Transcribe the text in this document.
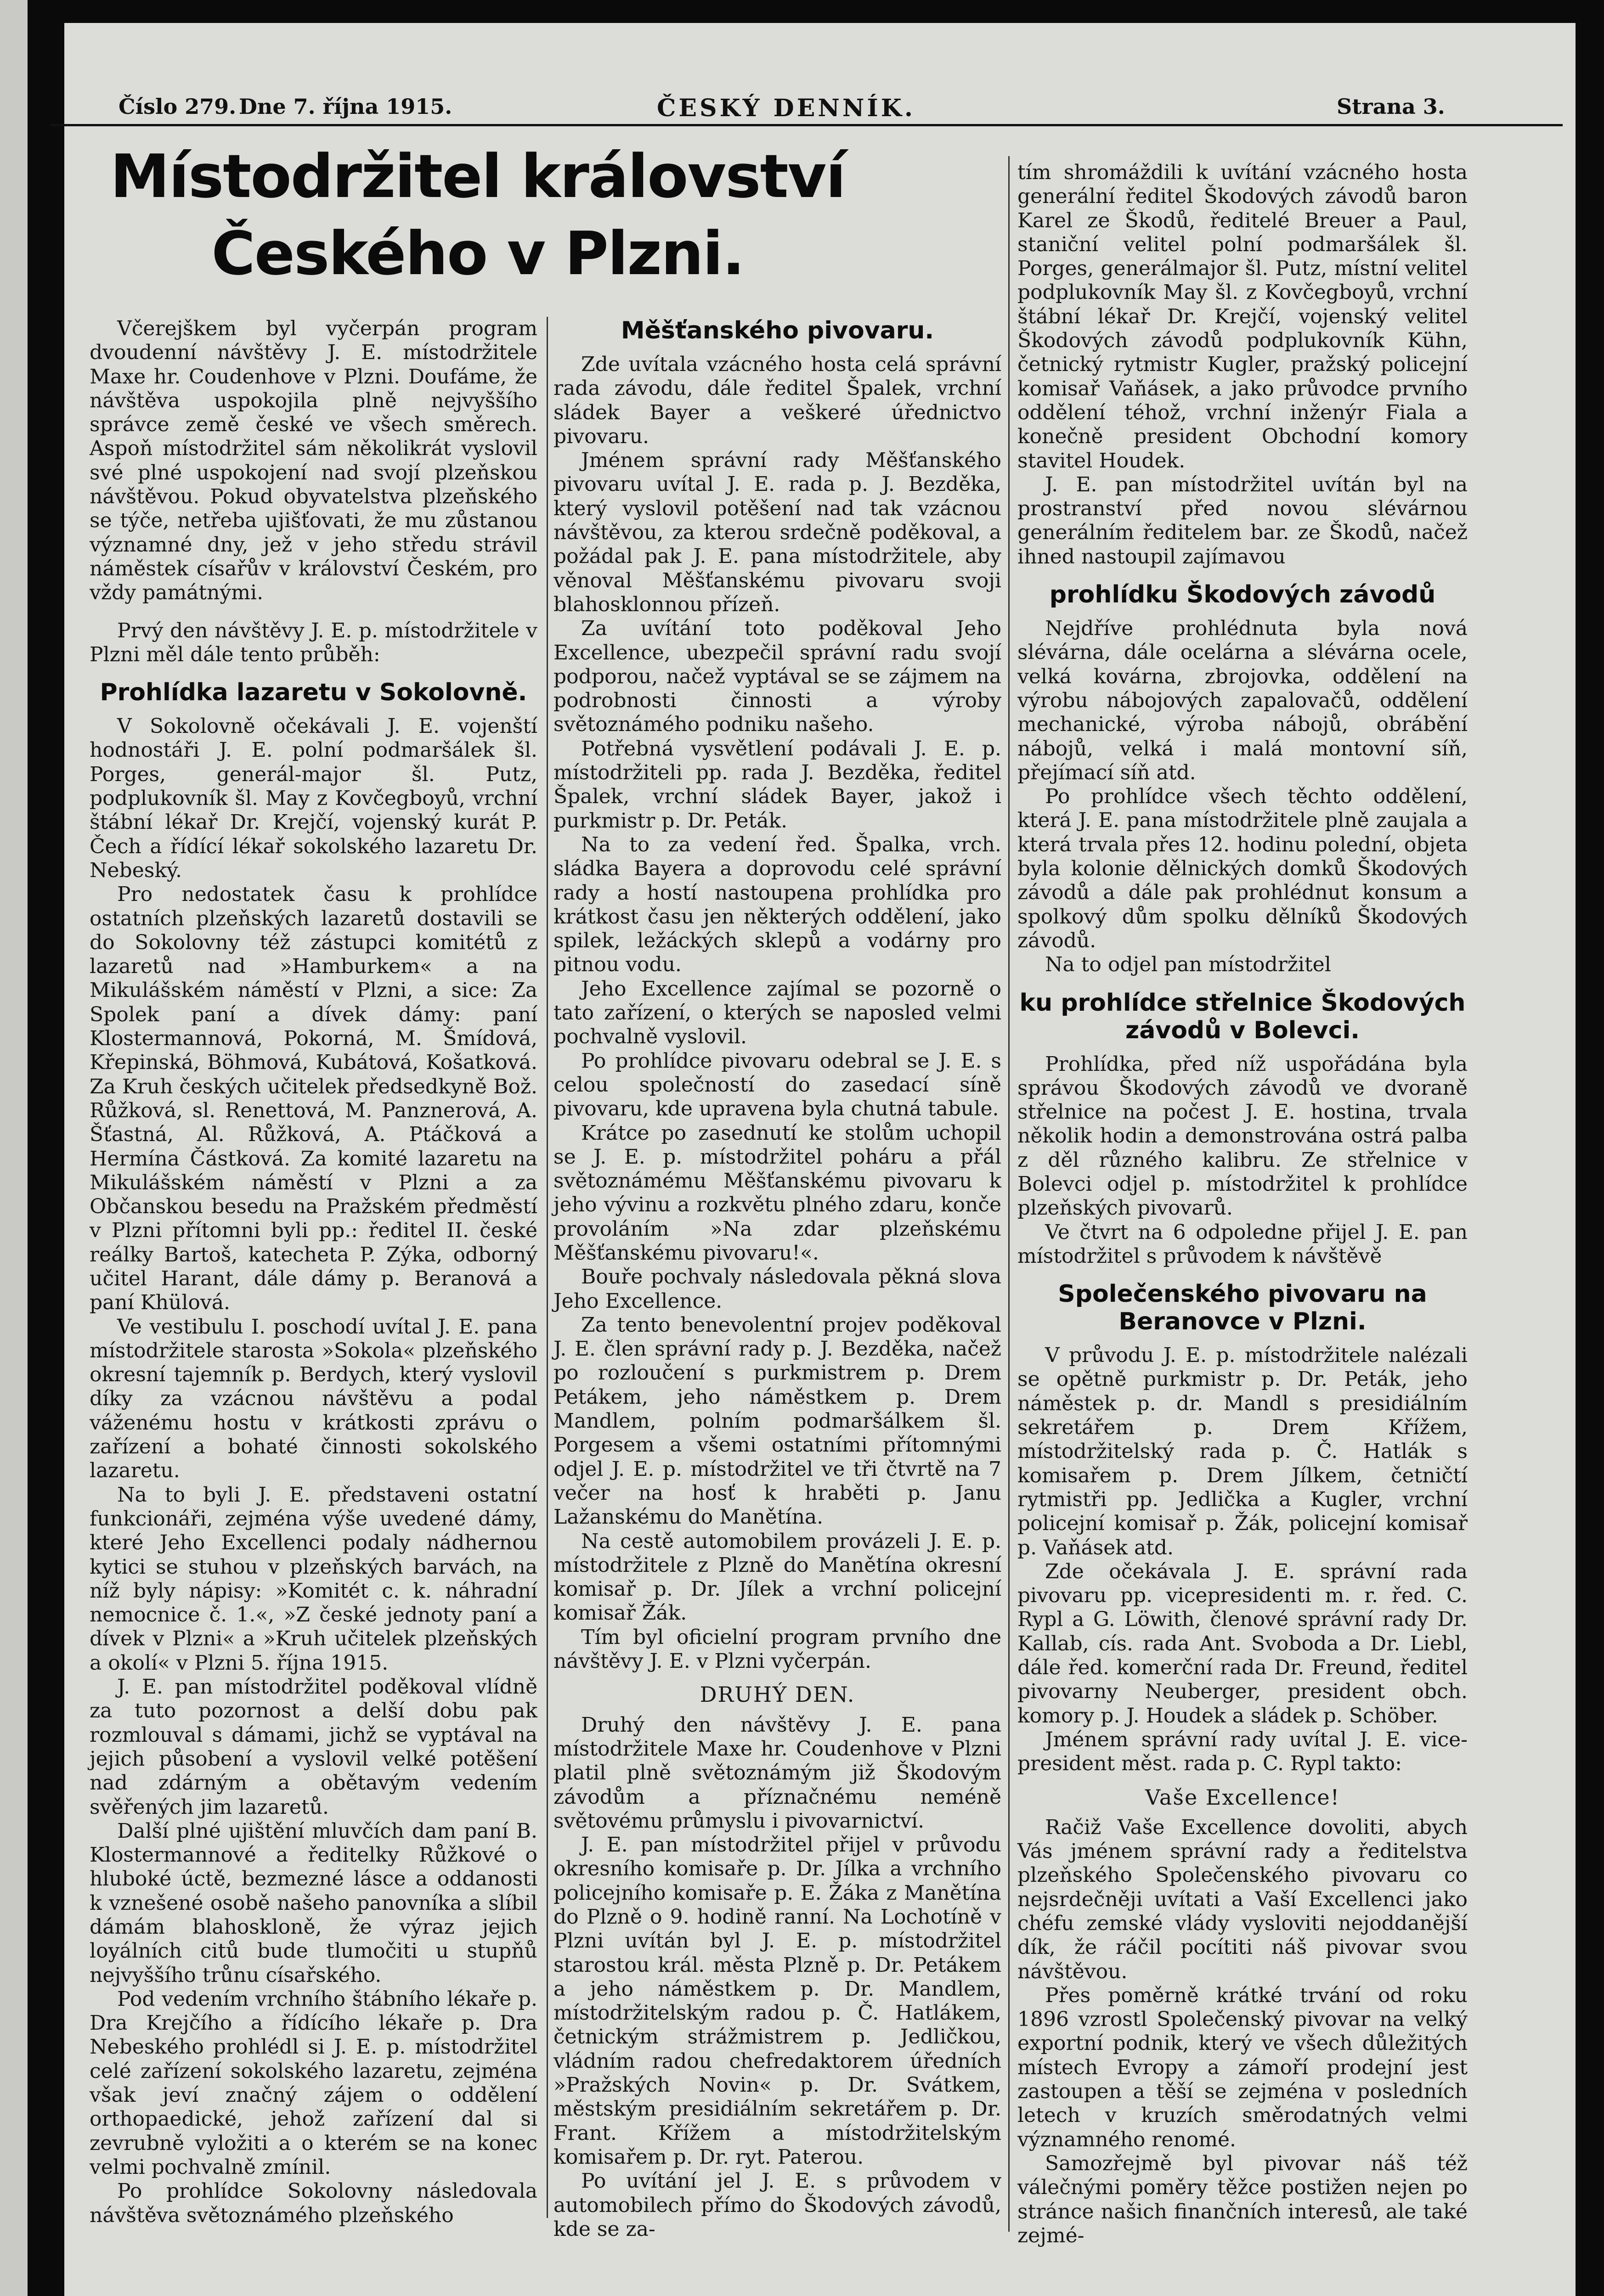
Číslo 279. Dne 7. října 1915.	ČESKÝ DENNÍK.	Strana 3.
Místodržitel království
Českého v Plzni.

Včerejškem byl vyčerpán program dvoudenní návštěvy J. E. místodržitele Maxe hr. Coudenhove v Plzni. Doufáme, že návštěva uspokojila plně nejvyššího správce země české ve všech směrech. Aspoň místodržitel sám několikrát vyslovil své plné uspokojení nad svojí plzeňskou návštěvou. Pokud obyvatelstva plzeňského se týče, netřeba ujišťovati, že mu zůstanou významné dny, jež v jeho středu strávil náměstek císařův v království Českém, pro vždy památnými.

Prvý den návštěvy J. E. p. místodržitele v Plzni měl dále tento průběh:

Prohlídka lazaretu v Sokolovně.

V Sokolovně očekávali J. E. vojenští hodnostáři J. E. polní podmaršálek šl. Porges, generál-major šl. Putz, podplukovník šl. May z Kovčegboyů, vrchní štábní lékař Dr. Krejčí, vojenský kurát P. Čech a řídící lékař sokolského lazaretu Dr. Nebeský.

Pro nedostatek času k prohlídce ostatních plzeňských lazaretů dostavili se do Sokolovny též zástupci komitétů z lazaretů nad »Hamburkem« a na Mikulášském náměstí v Plzni, a sice: Za Spolek paní a dívek dámy: paní Klostermannová, Pokorná, M. Šmídová, Křepinská, Böhmová, Kubátová, Košatková. Za Kruh českých učitelek předsedkyně Bož. Růžková, sl. Renettová, M. Panznerová, A. Šťastná, Al. Růžková, A. Ptáčková a Hermína Částková. Za komité lazaretu na Mikulášském náměstí v Plzni a za Občanskou besedu na Pražském předměstí v Plzni přítomni byli pp.: ředitel II. české reálky Bartoš, katecheta P. Zýka, odborný učitel Harant, dále dámy p. Beranová a paní Khülová.

Ve vestibulu I. poschodí uvítal J. E. pana místodržitele starosta »Sokola« plzeňského okresní tajemník p. Berdych, který vyslovil díky za vzácnou návštěvu a podal váženému hostu v krátkosti zprávu o zařízení a bohaté činnosti sokolského lazaretu.

Na to byli J. E. představeni ostatní funkcionáři, zejména výše uvedené dámy, které Jeho Excellenci podaly nádhernou kytici se stuhou v plzeňských barvách, na níž byly nápisy: »Komitét c. k. náhradní nemocnice č. 1.«, »Z české jednoty paní a dívek v Plzni« a »Kruh učitelek plzeňských a okolí« v Plzni 5. října 1915.

J. E. pan místodržitel poděkoval vlídně za tuto pozornost a delší dobu pak rozmlouval s dámami, jichž se vyptával na jejich působení a vyslovil velké potěšení nad zdárným a obětavým vedením svěřených jim lazaretů.

Další plné ujištění mluvčích dam paní B. Klostermannové a ředitelky Růžkové o hluboké úctě, bezmezné lásce a oddanosti k vznešené osobě našeho panovníka a slíbil dámám blahoskloně, že výraz jejich loyálních citů bude tlumočiti u stupňů nejvyššího trůnu císařského.

Pod vedením vrchního štábního lékaře p. Dra Krejčího a řídícího lékaře p. Dra Nebeského prohlédl si J. E. p. místodržitel celé zařízení sokolského lazaretu, zejména však jeví značný zájem o oddělení orthopaedické, jehož zařízení dal si zevrubně vyložiti a o kterém se na konec velmi pochvalně zmínil.

Po prohlídce Sokolovny následovala návštěva světoznámého plzeňského

Měšťanského pivovaru.

Zde uvítala vzácného hosta celá správní rada závodu, dále ředitel Špalek, vrchní sládek Bayer a veškeré úřednictvo pivovaru.

Jménem správní rady Měšťanského pivovaru uvítal J. E. rada p. J. Bezděka, který vyslovil potěšení nad tak vzácnou návštěvou, za kterou srdečně poděkoval, a požádal pak J. E. pana místodržitele, aby věnoval Měšťanskému pivovaru svoji blahosklonnou přízeň.

Za uvítání toto poděkoval Jeho Excellence, ubezpečil správní radu svojí podporou, načež vyptával se se zájmem na podrobnosti činnosti a výroby světoznámého podniku našeho.

Potřebná vysvětlení podávali J. E. p. místodržiteli pp. rada J. Bezděka, ředitel Špalek, vrchní sládek Bayer, jakož i purkmistr p. Dr. Peták.

Na to za vedení řed. Špalka, vrch. sládka Bayera a doprovodu celé správní rady a hostí nastoupena prohlídka pro krátkost času jen některých oddělení, jako spilek, ležáckých sklepů a vodárny pro pitnou vodu.

Jeho Excellence zajímal se pozorně o tato zařízení, o kterých se naposled velmi pochvalně vyslovil.

Po prohlídce pivovaru odebral se J. E. s celou společností do zasedací síně pivovaru, kde upravena byla chutná tabule.

Krátce po zasednutí ke stolům uchopil se J. E. p. místodržitel poháru a přál světoznámému Měšťanskému pivovaru k jeho vývinu a rozkvětu plného zdaru, konče provoláním »Na zdar plzeňskému Měšťanskému pivovaru!«.

Bouře pochvaly následovala pěkná slova Jeho Excellence.

Za tento benevolentní projev poděkoval J. E. člen správní rady p. J. Bezděka, načež po rozloučení s purkmistrem p. Drem Petákem, jeho náměstkem p. Drem Mandlem, polním podmaršálkem šl. Porgesem a všemi ostatními přítomnými odjel J. E. p. místodržitel ve tři čtvrtě na 7 večer na hosť k hraběti p. Janu Lažanskému do Manětína.

Na cestě automobilem provázeli J. E. p. místodržitele z Plzně do Manětína okresní komisař p. Dr. Jílek a vrchní policejní komisař Žák.

Tím byl oficielní program prvního dne návštěvy J. E. v Plzni vyčerpán.

DRUHÝ DEN.

Druhý den návštěvy J. E. pana místodržitele Maxe hr. Coudenhove v Plzni platil plně světoznámým již Škodovým závodům a příznačnému neméně světovému průmyslu i pivovarnictví.

J. E. pan místodržitel přijel v průvodu okresního komisaře p. Dr. Jílka a vrchního policejního komisaře p. E. Žáka z Manětína do Plzně o 9. hodině ranní. Na Lochotíně v Plzni uvítán byl J. E. p. místodržitel starostou král. města Plzně p. Dr. Petákem a jeho náměstkem p. Dr. Mandlem, místodržitelským radou p. Č. Hatlákem, četnickým strážmistrem p. Jedličkou, vládním radou chefredaktorem úředních »Pražských Novin« p. Dr. Svátkem, městským presidiálním sekretářem p. Dr. Frant. Křížem a místodržitelským komisařem p. Dr. ryt. Paterou.

Po uvítání jel J. E. s průvodem v automobilech přímo do Škodových závodů, kde se za-

tím shromáždili k uvítání vzácného hosta generální ředitel Škodových závodů baron Karel ze Škodů, ředitelé Breuer a Paul, staniční velitel polní podmaršálek šl. Porges, generálmajor šl. Putz, místní velitel podplukovník May šl. z Kovčegboyů, vrchní štábní lékař Dr. Krejčí, vojenský velitel Škodových závodů podplukovník Kühn, četnický rytmistr Kugler, pražský policejní komisař Vaňásek, a jako průvodce prvního oddělení téhož, vrchní inženýr Fiala a konečně president Obchodní komory stavitel Houdek.

J. E. pan místodržitel uvítán byl na prostranství před novou slévárnou generálním ředitelem bar. ze Škodů, načež ihned nastoupil zajímavou

prohlídku Škodových závodů

Nejdříve prohlédnuta byla nová slévárna, dále ocelárna a slévárna ocele, velká kovárna, zbrojovka, oddělení na výrobu nábojových zapalovačů, oddělení mechanické, výroba nábojů, obrábění nábojů, velká i malá montovní síň, přejímací síň atd.

Po prohlídce všech těchto oddělení, která J. E. pana místodržitele plně zaujala a která trvala přes 12. hodinu polední, objeta byla kolonie dělnických domků Škodových závodů a dále pak prohlédnut konsum a spolkový dům spolku dělníků Škodových závodů.

Na to odjel pan místodržitel

ku prohlídce střelnice Škodových závodů v Bolevci.

Prohlídka, před níž uspořádána byla správou Škodových závodů ve dvoraně střelnice na počest J. E. hostina, trvala několik hodin a demonstrována ostrá palba z děl různého kalibru. Ze střelnice v Bolevci odjel p. místodržitel k prohlídce plzeňských pivovarů.

Ve čtvrt na 6 odpoledne přijel J. E. pan místodržitel s průvodem k návštěvě

Společenského pivovaru na Beranovce v Plzni.

V průvodu J. E. p. místodržitele nalézali se opětně purkmistr p. Dr. Peták, jeho náměstek p. dr. Mandl s presidiálním sekretářem p. Drem Křížem, místodržitelský rada p. Č. Hatlák s komisařem p. Drem Jílkem, četničtí rytmistři pp. Jedlička a Kugler, vrchní policejní komisař p. Žák, policejní komisař p. Vaňásek atd.

Zde očekávala J. E. správní rada pivovaru pp. vicepresidenti m. r. řed. C. Rypl a G. Löwith, členové správní rady Dr. Kallab, cís. rada Ant. Svoboda a Dr. Liebl, dále řed. komerční rada Dr. Freund, ředitel pivovarny Neuberger, president obch. komory p. J. Houdek a sládek p. Schöber.

Jménem správní rady uvítal J. E. vice-president měst. rada p. C. Rypl takto:

Vaše Excellence!

Račiž Vaše Excellence dovoliti, abych Vás jménem správní rady a ředitelstva plzeňského Společenského pivovaru co nejsrdečněji uvítati a Vaší Excellenci jako chéfu zemské vlády vysloviti nejoddanější dík, že ráčil pocítiti náš pivovar svou návštěvou.

Přes poměrně krátké trvání od roku 1896 vzrostl Společenský pivovar na velký exportní podnik, který ve všech důležitých místech Evropy a zámoří prodejní jest zastoupen a těší se zejména v posledních letech v kruzích směrodatných velmi významného renomé.

Samozřejmě byl pivovar náš též válečnými poměry těžce postižen nejen po stránce našich finančních interesů, ale také zejmé-
